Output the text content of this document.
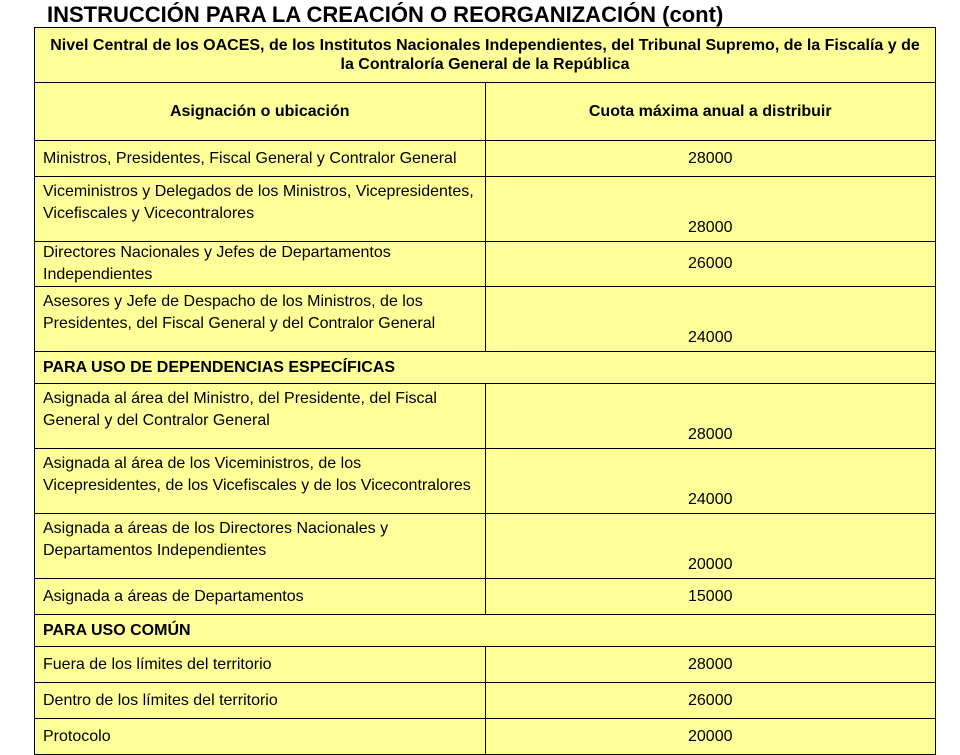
INSTRUCCIÓN PARA LA CREACIÓN O REORGANIZACIÓN (cont)
Nivel Central de los OACES, de los Institutos Nacionales Independientes, del Tribunal Supremo, de la Fiscalía y de la Contraloría General de la República	
Asignación o ubicación	Cuota máxima anual a distribuir
Ministros, Presidentes, Fiscal General y Contralor General	28000
Viceministros y Delegados de los Ministros, Vicepresidentes, Vicefiscales y Vicecontralores	28000
Directores Nacionales y Jefes de Departamentos Independientes	26000
Asesores y Jefe de Despacho de los Ministros, de los Presidentes, del Fiscal General y del Contralor General	24000
PARA USO DE DEPENDENCIAS ESPECÍFICAS	
Asignada al área del Ministro, del Presidente, del Fiscal General y del Contralor General	28000
Asignada al área de los Viceministros, de los Vicepresidentes, de los Vicefiscales y de los Vicecontralores	24000
Asignada a áreas de los Directores Nacionales y Departamentos Independientes	20000
Asignada a áreas de Departamentos	15000
PARA USO COMÚN	
Fuera de los límites del territorio	28000
Dentro de los límites del territorio	26000
Protocolo	20000
